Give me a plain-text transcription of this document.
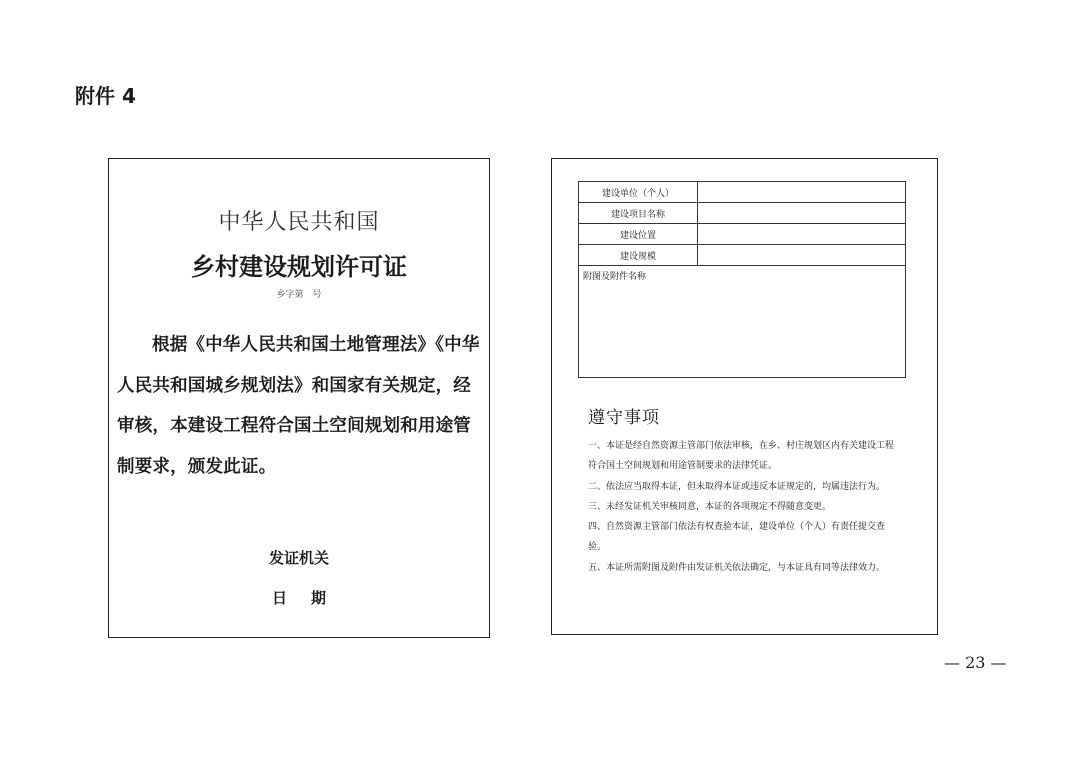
附件 4
中华人民共和国
乡村建设规划许可证
乡字第　号
根据《中华人民共和国土地管理法》《中华人民共和国城乡规划法》和国家有关规定，经审核，本建设工程符合国土空间规划和用途管制要求，颁发此证。
发证机关
日期
建设单位（个人）	
建设项目名称	
建设位置	
建设规模	
附图及附件名称	
遵守事项

一、本证是经自然资源主管部门依法审核，在乡、村庄规划区内有关建设工程符合国土空间规划和用途管制要求的法律凭证。

二、依法应当取得本证，但未取得本证或违反本证规定的，均属违法行为。

三、未经发证机关审核同意，本证的各项规定不得随意变更。

四、自然资源主管部门依法有权查验本证，建设单位（个人）有责任提交查验。

五、本证所需附图及附件由发证机关依法确定，与本证具有同等法律效力。

— 23 —
